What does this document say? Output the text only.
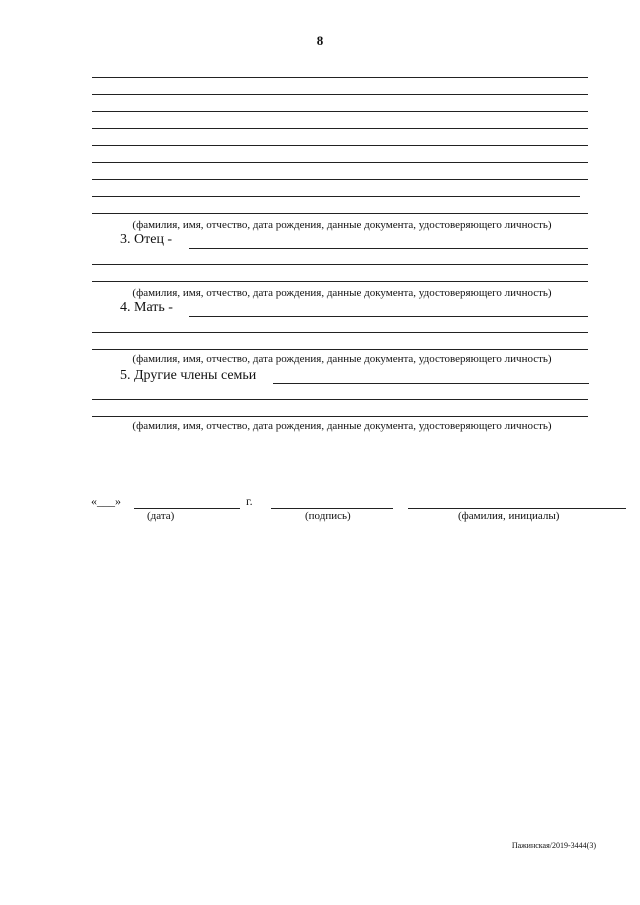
8
(фамилия, имя, отчество, дата рождения, данные документа, удостоверяющего личность)
3. Отец -
(фамилия, имя, отчество, дата рождения, данные документа, удостоверяющего личность)
4. Мать -
(фамилия, имя, отчество, дата рождения, данные документа, удостоверяющего личность)
5. Другие члены семьи
(фамилия, имя, отчество, дата рождения, данные документа, удостоверяющего личность)
«___»	г.
(дата)	(подпись)	(фамилия, инициалы)
Пажинская/2019-3444(3)
